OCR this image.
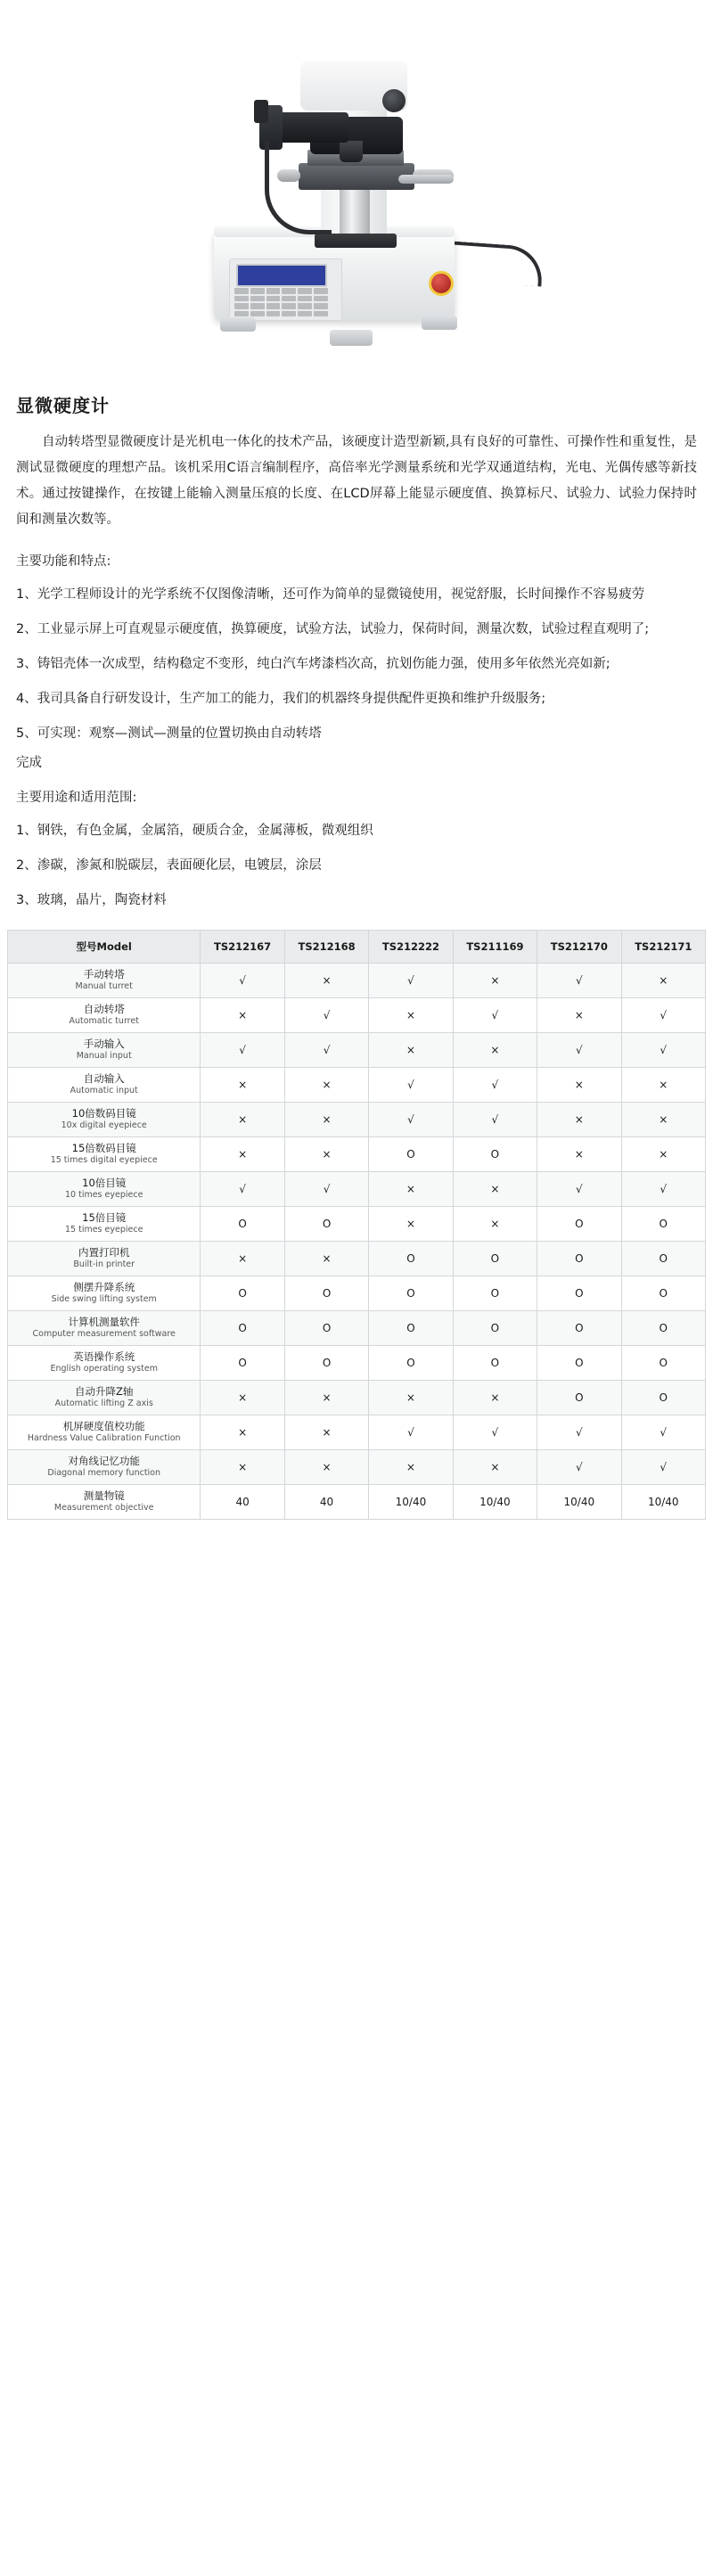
显微硬度计

自动转塔型显微硬度计是光机电一体化的技术产品，该硬度计造型新颖,具有良好的可靠性、可操作性和重复性，是测试显微硬度的理想产品。该机采用C语言编制程序，高倍率光学测量系统和光学双通道结构，光电、光偶传感等新技术。通过按键操作，在按键上能输入测量压痕的长度、在LCD屏幕上能显示硬度值、换算标尺、试验力、试验力保持时间和测量次数等。

主要功能和特点:
1、光学工程师设计的光学系统不仅图像清晰，还可作为简单的显微镜使用，视觉舒服，长时间操作不容易疲劳
2、工业显示屏上可直观显示硬度值，换算硬度，试验方法，试验力，保荷时间，测量次数，试验过程直观明了;
3、铸铝壳体一次成型，结构稳定不变形，纯白汽车烤漆档次高，抗划伤能力强，使用多年依然光亮如新;
4、我司具备自行研发设计，生产加工的能力，我们的机器终身提供配件更换和维护升级服务;
5、可实现：观察—测试—测量的位置切换由自动转塔
完成
主要用途和适用范围:
1、钢铁，有色金属，金属箔，硬质合金，金属薄板，微观组织
2、渗碳，渗氮和脱碳层，表面硬化层，电镀层，涂层
3、玻璃，晶片，陶瓷材料
型号Model	TS212167	TS212168	TS212222	TS211169	TS212170	TS212171

手动转塔
Manual turret	√	×	√	×	√	×

自动转塔
Automatic turret	×	√	×	√	×	√

手动输入
Manual input	√	√	×	×	√	√

自动输入
Automatic input	×	×	√	√	×	×

10倍数码目镜
10x digital eyepiece	×	×	√	√	×	×

15倍数码目镜
15 times digital eyepiece	×	×	O	O	×	×

10倍目镜
10 times eyepiece	√	√	×	×	√	√

15倍目镜
15 times eyepiece	O	O	×	×	O	O

内置打印机
Built-in printer	×	×	O	O	O	O

侧摆升降系统
Side swing lifting system	O	O	O	O	O	O

计算机测量软件
Computer measurement software	O	O	O	O	O	O

英语操作系统
English operating system	O	O	O	O	O	O

自动升降Z轴
Automatic lifting Z axis	×	×	×	×	O	O

机屏硬度值校功能
Hardness Value Calibration Function	×	×	√	√	√	√

对角线记忆功能
Diagonal memory function	×	×	×	×	√	√

测量物镜
Measurement objective	40	40	10/40	10/40	10/40	10/40
